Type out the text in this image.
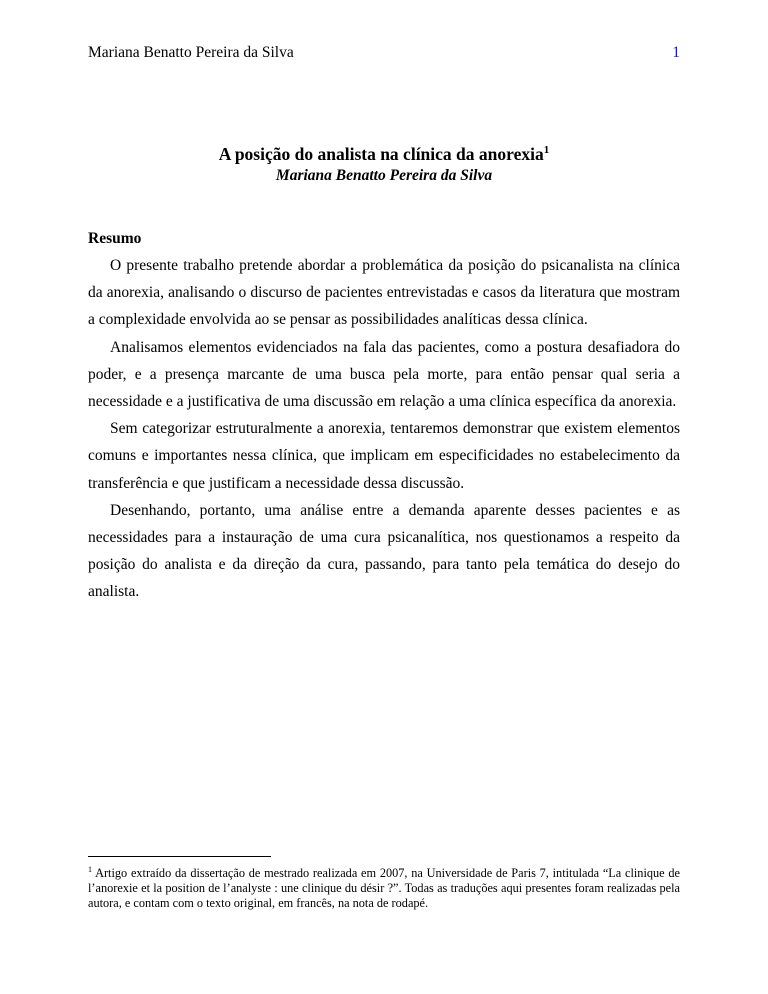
Mariana Benatto Pereira da Silva	1
A posição do analista na clínica da anorexia$^1$
Mariana Benatto Pereira da Silva
Resumo

O presente trabalho pretende abordar a problemática da posição do psicanalista na clínica da anorexia, analisando o discurso de pacientes entrevistadas e casos da literatura que mostram a complexidade envolvida ao se pensar as possibilidades analíticas dessa clínica.

Analisamos elementos evidenciados na fala das pacientes, como a postura desafiadora do poder, e a presença marcante de uma busca pela morte, para então pensar qual seria a necessidade e a justificativa de uma discussão em relação a uma clínica específica da anorexia.

Sem categorizar estruturalmente a anorexia, tentaremos demonstrar que existem elementos comuns e importantes nessa clínica, que implicam em especificidades no estabelecimento da transferência e que justificam a necessidade dessa discussão.

Desenhando, portanto, uma análise entre a demanda aparente desses pacientes e as necessidades para a instauração de uma cura psicanalítica, nos questionamos a respeito da posição do analista e da direção da cura, passando, para tanto pela temática do desejo do analista.

$^1$ Artigo extraído da dissertação de mestrado realizada em 2007, na Universidade de Paris 7, intitulada “La clinique de l’anorexie et la position de l’analyste : une clinique du désir ?”. Todas as traduções aqui presentes foram realizadas pela autora, e contam com o texto original, em francês, na nota de rodapé.
